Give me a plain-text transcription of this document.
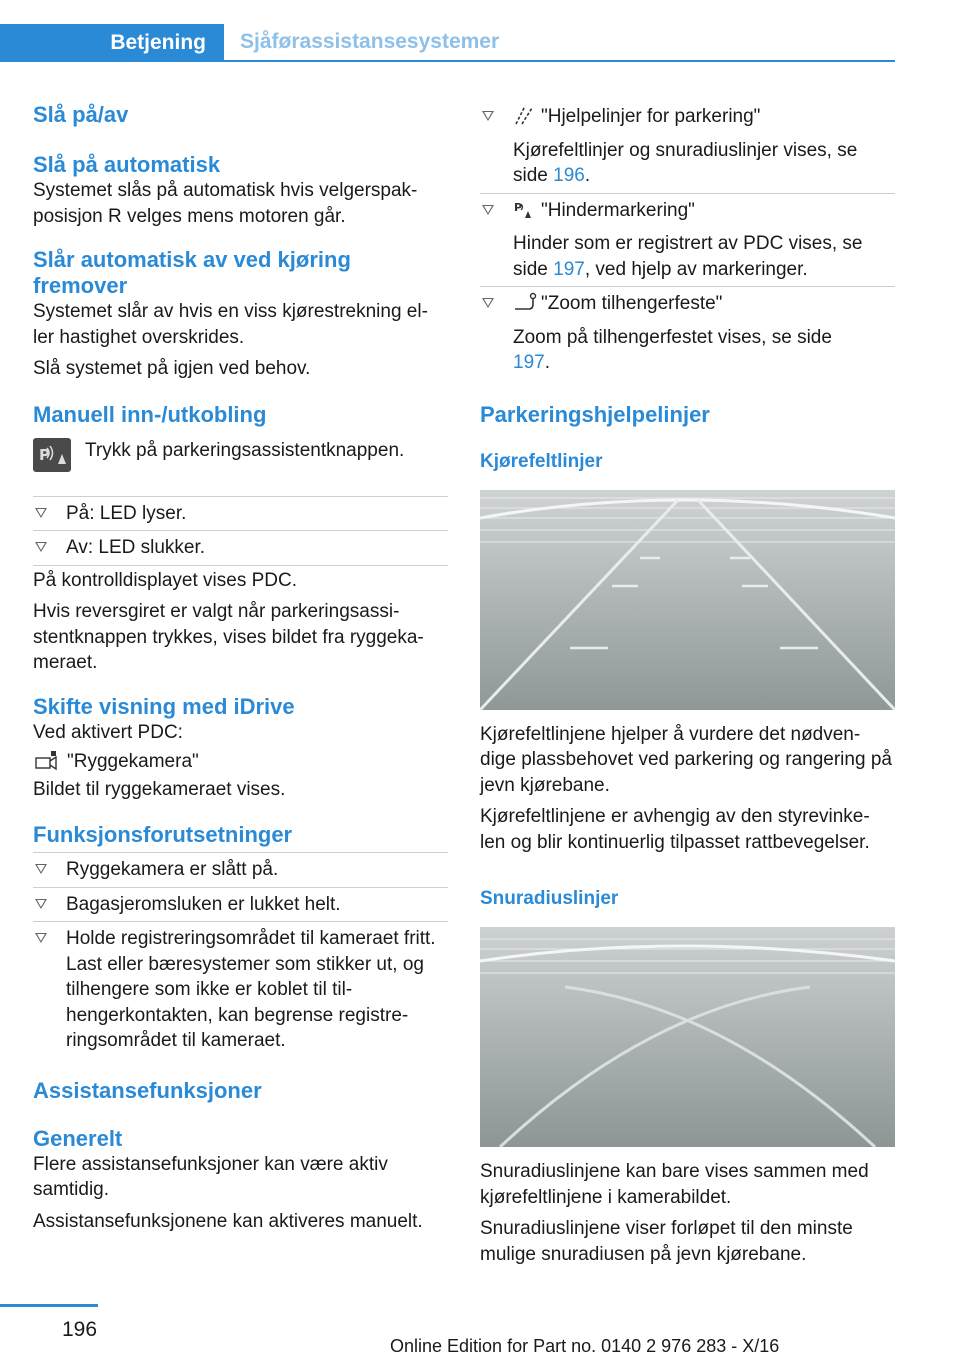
Betjening	Sjåførassistansesystemer
Slå på/av
Slå på automatisk
Systemet slås på automatisk hvis velgerspak-posisjon R velges mens motoren går.
Slår automatisk av ved kjøring fremover
Systemet slår av hvis en viss kjørestrekning el-ler hastighet overskrides.
Slå systemet på igjen ved behov.
Manuell inn-/utkobling
P Trykk på parkeringsassistentknappen.
På: LED lyser.
Av: LED slukker.
På kontrolldisplayet vises PDC.
Hvis reversgiret er valgt når parkeringsassi-stentknappen trykkes, vises bildet fra ryggeka-meraet.
Skifte visning med iDrive
Ved aktivert PDC:
"Ryggekamera"
Bildet til ryggekameraet vises.
Funksjonsforutsetninger
Ryggekamera er slått på.
Bagasjeromsluken er lukket helt.
Holde registreringsområdet til kameraet fritt. Last eller bæresystemer som stikker ut, og tilhengere som ikke er koblet til til-hengerkontakten, kan begrense registre-ringsområdet til kameraet.
Assistansefunksjoner
Generelt
Flere assistansefunksjoner kan være aktiv samtidig.
Assistansefunksjonene kan aktiveres manuelt.
"Hjelpelinjer for parkering"
Kjørefeltlinjer og snuradiuslinjer vises, se side 196.
P "Hindermarkering"
Hinder som er registrert av PDC vises, se side 197, ved hjelp av markeringer.
"Zoom tilhengerfeste"
Zoom på tilhengerfestet vises, se side 197.
Parkeringshjelpelinjer
Kjørefeltlinjer
Kjørefeltlinjene hjelper å vurdere det nødven-dige plassbehovet ved parkering og rangering på jevn kjørebane.
Kjørefeltlinjene er avhengig av den styrevinke-len og blir kontinuerlig tilpasset rattbevegelser.
Snuradiuslinjer
Snuradiuslinjene kan bare vises sammen med kjørefeltlinjene i kamerabildet.
Snuradiuslinjene viser forløpet til den minste mulige snuradiusen på jevn kjørebane.
196
Online Edition for Part no. 0140 2 976 283 - X/16
